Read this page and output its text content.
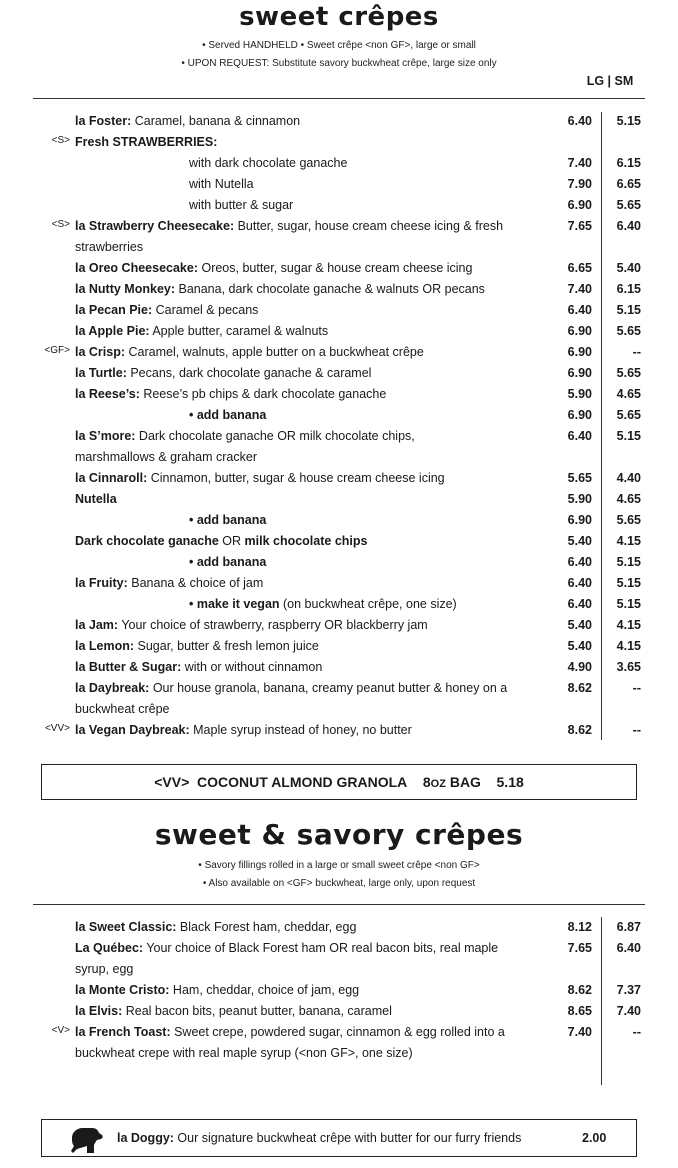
sweet crêpes
• Served HANDHELD • Sweet crêpe <non GF>, large or small
• UPON REQUEST: Substitute savory buckwheat crêpe, large size only
LG | SM
la Foster: Caramel, banana & cinnamon	6.40	5.15
<S> Fresh STRAWBERRIES:
with dark chocolate ganache	7.40	6.15
with Nutella	7.90	6.65
with butter & sugar	6.90	5.65
<S> la Strawberry Cheesecake: Butter, sugar, house cream cheese icing & fresh strawberries
7.65	6.40
la Oreo Cheesecake: Oreos, butter, sugar & house cream cheese icing	6.65	5.40
la Nutty Monkey: Banana, dark chocolate ganache & walnuts OR pecans	7.40	6.15
la Pecan Pie: Caramel & pecans	6.40	5.15
la Apple Pie: Apple butter, caramel & walnuts	6.90	5.65
<GF> la Crisp: Caramel, walnuts, apple butter on a buckwheat crêpe	6.90	--
la Turtle: Pecans, dark chocolate ganache & caramel	6.90	5.65
la Reese’s: Reese’s pb chips & dark chocolate ganache	5.90	4.65
• add banana	6.90	5.65
la S’more: Dark chocolate ganache OR milk chocolate chips, marshmallows & graham cracker
6.40	5.15
la Cinnaroll: Cinnamon, butter, sugar & house cream cheese icing	5.65	4.40
Nutella	5.90	4.65
• add banana	6.90	5.65
Dark chocolate ganache OR milk chocolate chips	5.40	4.15
• add banana	6.40	5.15
la Fruity: Banana & choice of jam	6.40	5.15
• make it vegan (on buckwheat crêpe, one size)	6.40	5.15
la Jam: Your choice of strawberry, raspberry OR blackberry jam	5.40	4.15
la Lemon: Sugar, butter & fresh lemon juice	5.40	4.15
la Butter & Sugar: with or without cinnamon	4.90	3.65
la Daybreak: Our house granola, banana, creamy peanut butter & honey on a buckwheat crêpe
8.62	--
<VV> la Vegan Daybreak: Maple syrup instead of honey, no butter	8.62	--
<VV> COCONUT ALMOND GRANOLA 8OZ BAG 5.18
sweet & savory crêpes
• Savory fillings rolled in a large or small sweet crêpe <non GF>
• Also available on <GF> buckwheat, large only, upon request
la Sweet Classic: Black Forest ham, cheddar, egg	8.12	6.87
La Québec: Your choice of Black Forest ham OR real bacon bits, real maple syrup, egg
7.65	6.40
la Monte Cristo: Ham, cheddar, choice of jam, egg	8.62	7.37
la Elvis: Real bacon bits, peanut butter, banana, caramel	8.65	7.40
<V> la French Toast: Sweet crepe, powdered sugar, cinnamon & egg rolled into a buckwheat crepe with real maple syrup (<non GF>, one size)
7.40	--
la Doggy: Our signature buckwheat crêpe with butter for our furry friends	2.00
